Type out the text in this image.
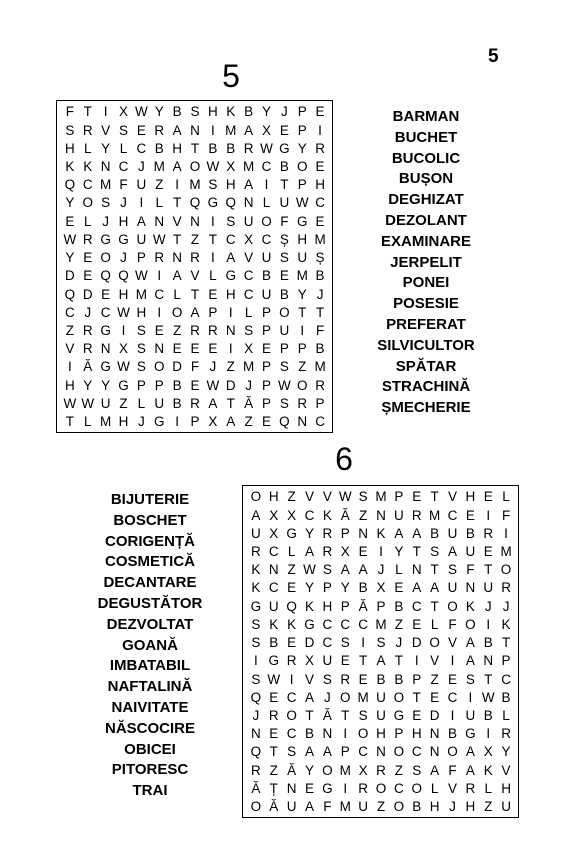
5
5
F T I X W Y B S H K B Y J P E
S R V S E R A N I M A X E P I
H L Y L C B H T B B R W G Y R
K K N C J M A O W X M C B O E
Q C M F U Z I M S H A I T P H
Y O S J I L T Q G Q N L U W C
E L J H A N V N I S U O F G E
W R G G U W T Z T C X C Ș H M
Y E O J P R N R I A V U S U Ș
D E Q Q W I A V L G C B E M B
Q D E H M C L T E H C U B Y J
C J C W H I O A P I L P O T T
Z R G I S E Z R R N S P U I F
V R N X S N E E E I X E P P B
I Ă G W S O D F J Z M P S Z M
H Y Y G P P B E W D J P W O R
W W U Z L U B R A T Ă P S R P
T L M H J G I P X A Z E Q N C
BARMAN
BUCHET
BUCOLIC
BUȘON
DEGHIZAT
DEZOLANT
EXAMINARE
JERPELIT
PONEI
POSESIE
PREFERAT
SILVICULTOR
SPĂTAR
STRACHINĂ
ȘMECHERIE
6
O H Z V V W S M P E T V H E L
A X X C K Ă Z N U R M C E I F
U X G Y R P N K A A B U B R I
R C L A R X E I Y T S A U E M
K N Z W S A A J L N T S F T O
K C E Y P Y B X E A A U N U R
G U Q K H P Ă P B C T O K J J
S K K G C C C M Z E L F O I K
S B E D C S I S J D O V A B T
I G R X U E T A T I V I A N P
S W I V S R E B B P Z E S T C
Q E C A J O M U O T E C I W B
J R O T Ă T S U G E D I U B L
N E C B N I O H P H N B G I R
Q T S A A P C N O C N O A X Y
R Z Ă Y O M X R Z S A F A K V
Ă Ț N E G I R O C O L V R L H
O Ă U A F M U Z O B H J H Z U
BIJUTERIE
BOSCHET
CORIGENȚĂ
COSMETICĂ
DECANTARE
DEGUSTĂTOR
DEZVOLTAT
GOANĂ
IMBATABIL
NAFTALINĂ
NAIVITATE
NĂSCOCIRE
OBICEI
PITORESC
TRAI
